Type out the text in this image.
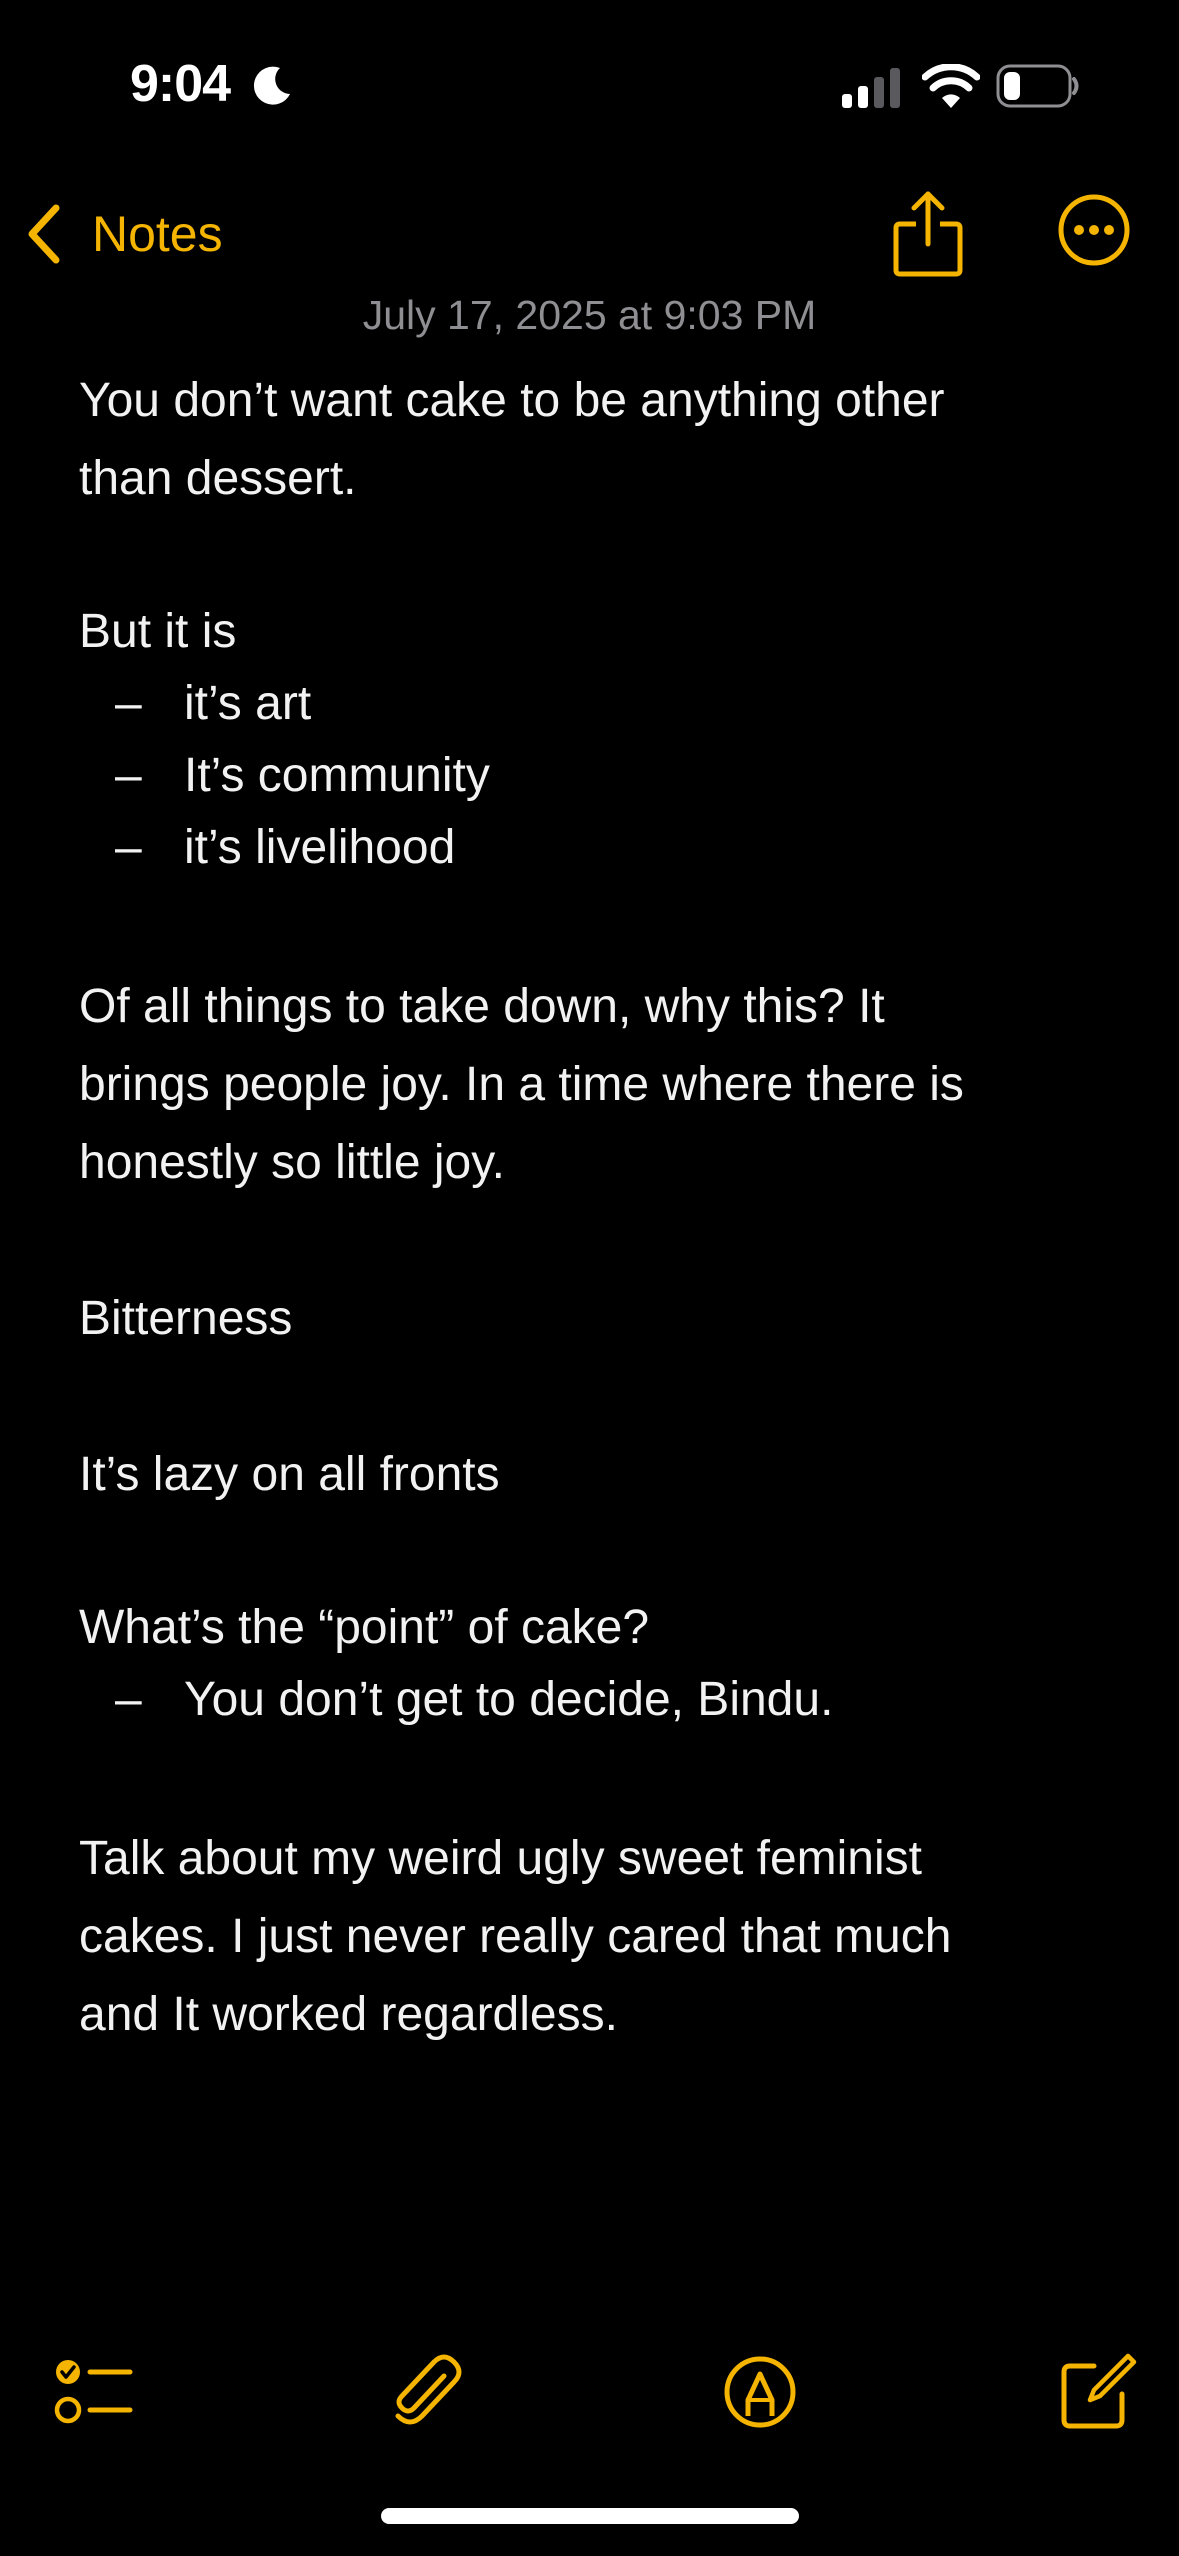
9:04
Notes
July 17, 2025 at 9:03 PM

You don’t want cake to be anything other

than dessert.

But it is

– it’s art
– It’s community
– it’s livelihood

Of all things to take down, why this? It

brings people joy. In a time where there is

honestly so little joy.

Bitterness

It’s lazy on all fronts

What’s the “point” of cake?

– You don’t get to decide, Bindu.

Talk about my weird ugly sweet feminist

cakes. I just never really cared that much

and It worked regardless.
